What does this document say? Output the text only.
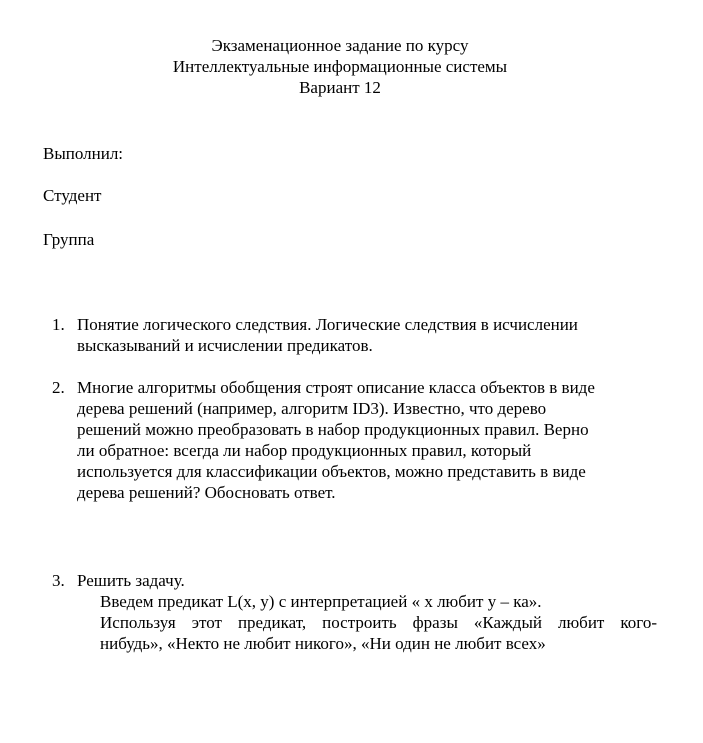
Экзаменационное задание по курсу
Интеллектуальные информационные системы
Вариант 12
Выполнил:
Студент
Группа
1. Понятие логического следствия. Логические следствия в исчислении
высказываний и исчислении предикатов.
2. Многие алгоритмы обобщения строят описание класса объектов в виде
дерева решений (например, алгоритм ID3). Известно, что дерево
решений можно преобразовать в набор продукционных правил. Верно
ли обратное: всегда ли набор продукционных правил, который
используется для классификации объектов, можно представить в виде
дерева решений? Обосновать ответ.
3. Решить задачу.
Введем предикат L(x, y) с интерпретацией « x любит y – ка».
Используя этот предикат, построить фразы «Каждый любит кого-
нибудь», «Некто не любит никого», «Ни один не любит всех»
